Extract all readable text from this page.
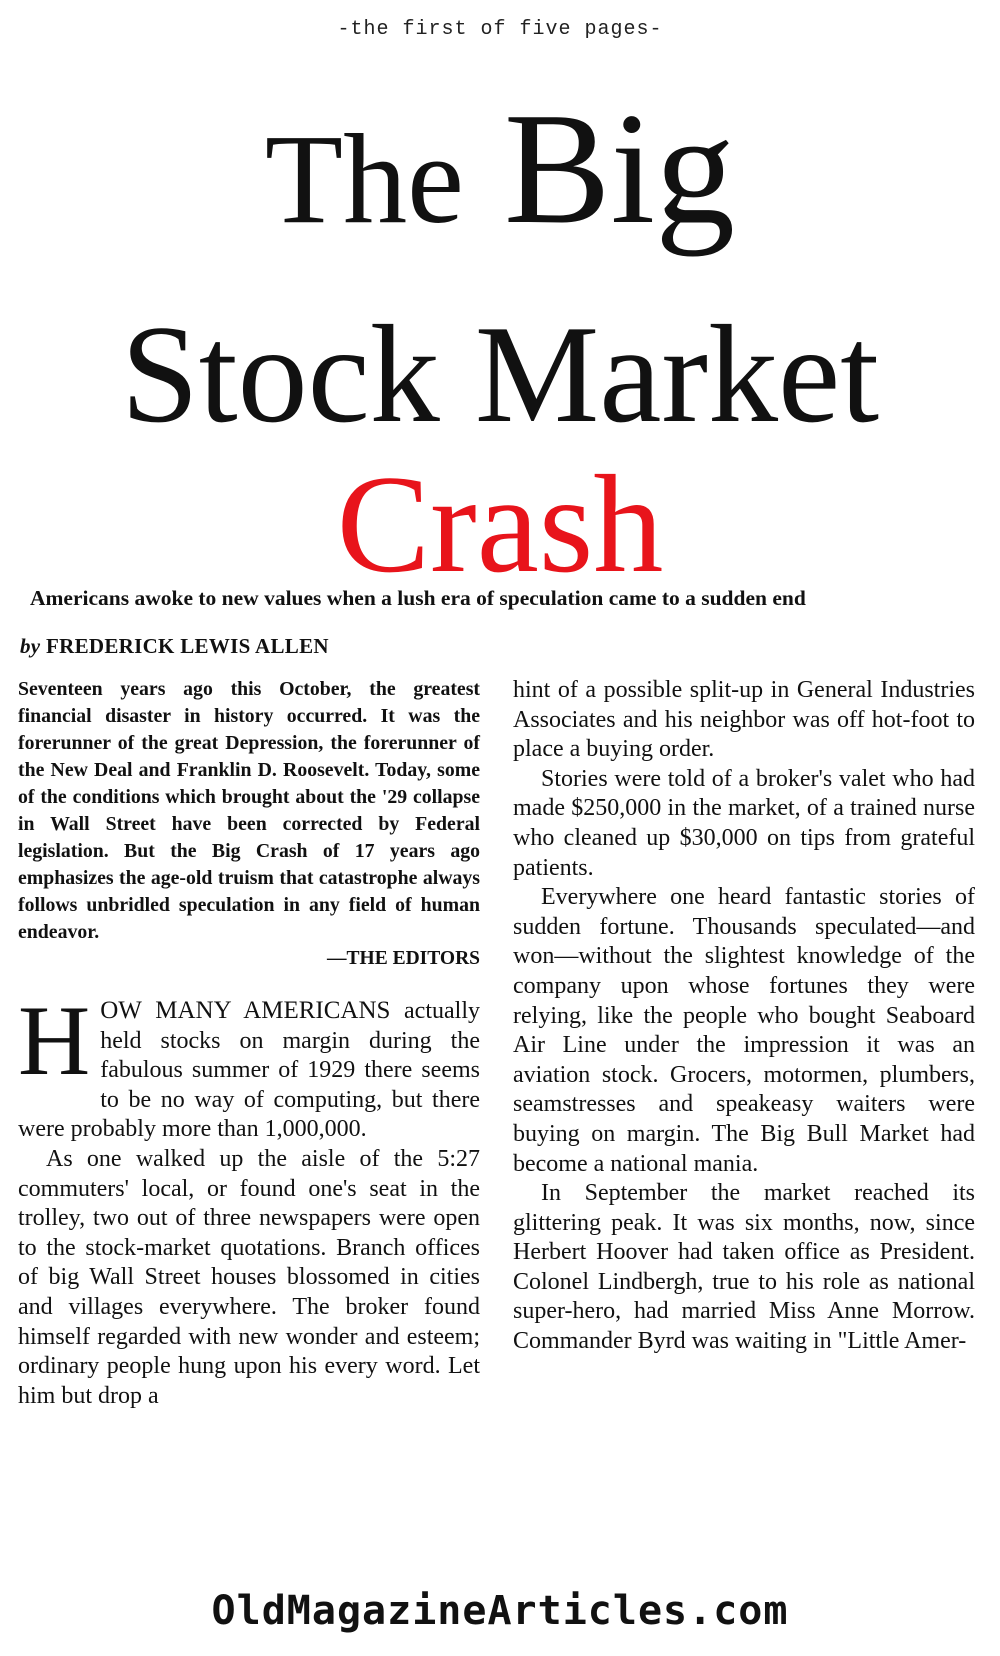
-the first of five pages-
The Big
Stock Market
Crash
Americans awoke to new values when a lush era of speculation came to a sudden end
by FREDERICK LEWIS ALLEN

Seventeen years ago this October, the greatest financial disaster in history occurred. It was the forerunner of the great Depression, the forerunner of the New Deal and Franklin D. Roosevelt. Today, some of the conditions which brought about the '29 collapse in Wall Street have been corrected by Federal legislation. But the Big Crash of 17 years ago emphasizes the age-old truism that catastrophe always follows unbridled speculation in any field of human endeavor.

—THE EDITORS

HOW MANY AMERICANS actually held stocks on margin during the fabulous summer of 1929 there seems to be no way of computing, but there were probably more than 1,000,000.

As one walked up the aisle of the 5:27 commuters' local, or found one's seat in the trolley, two out of three newspapers were open to the stock-market quotations. Branch offices of big Wall Street houses blossomed in cities and villages everywhere. The broker found himself regarded with new wonder and esteem; ordinary people hung upon his every word. Let him but drop a

hint of a possible split-up in General Industries Associates and his neighbor was off hot-foot to place a buying order.

Stories were told of a broker's valet who had made $250,000 in the market, of a trained nurse who cleaned up $30,000 on tips from grateful patients.

Everywhere one heard fantastic stories of sudden fortune. Thousands speculated—and won—without the slightest knowledge of the company upon whose fortunes they were relying, like the people who bought Seaboard Air Line under the impression it was an aviation stock. Grocers, motormen, plumbers, seamstresses and speakeasy waiters were buying on margin. The Big Bull Market had become a national mania.

In September the market reached its glittering peak. It was six months, now, since Herbert Hoover had taken office as President. Colonel Lindbergh, true to his role as national super-hero, had married Miss Anne Morrow. Commander Byrd was waiting in "Little Amer-

OldMagazineArticles.com
